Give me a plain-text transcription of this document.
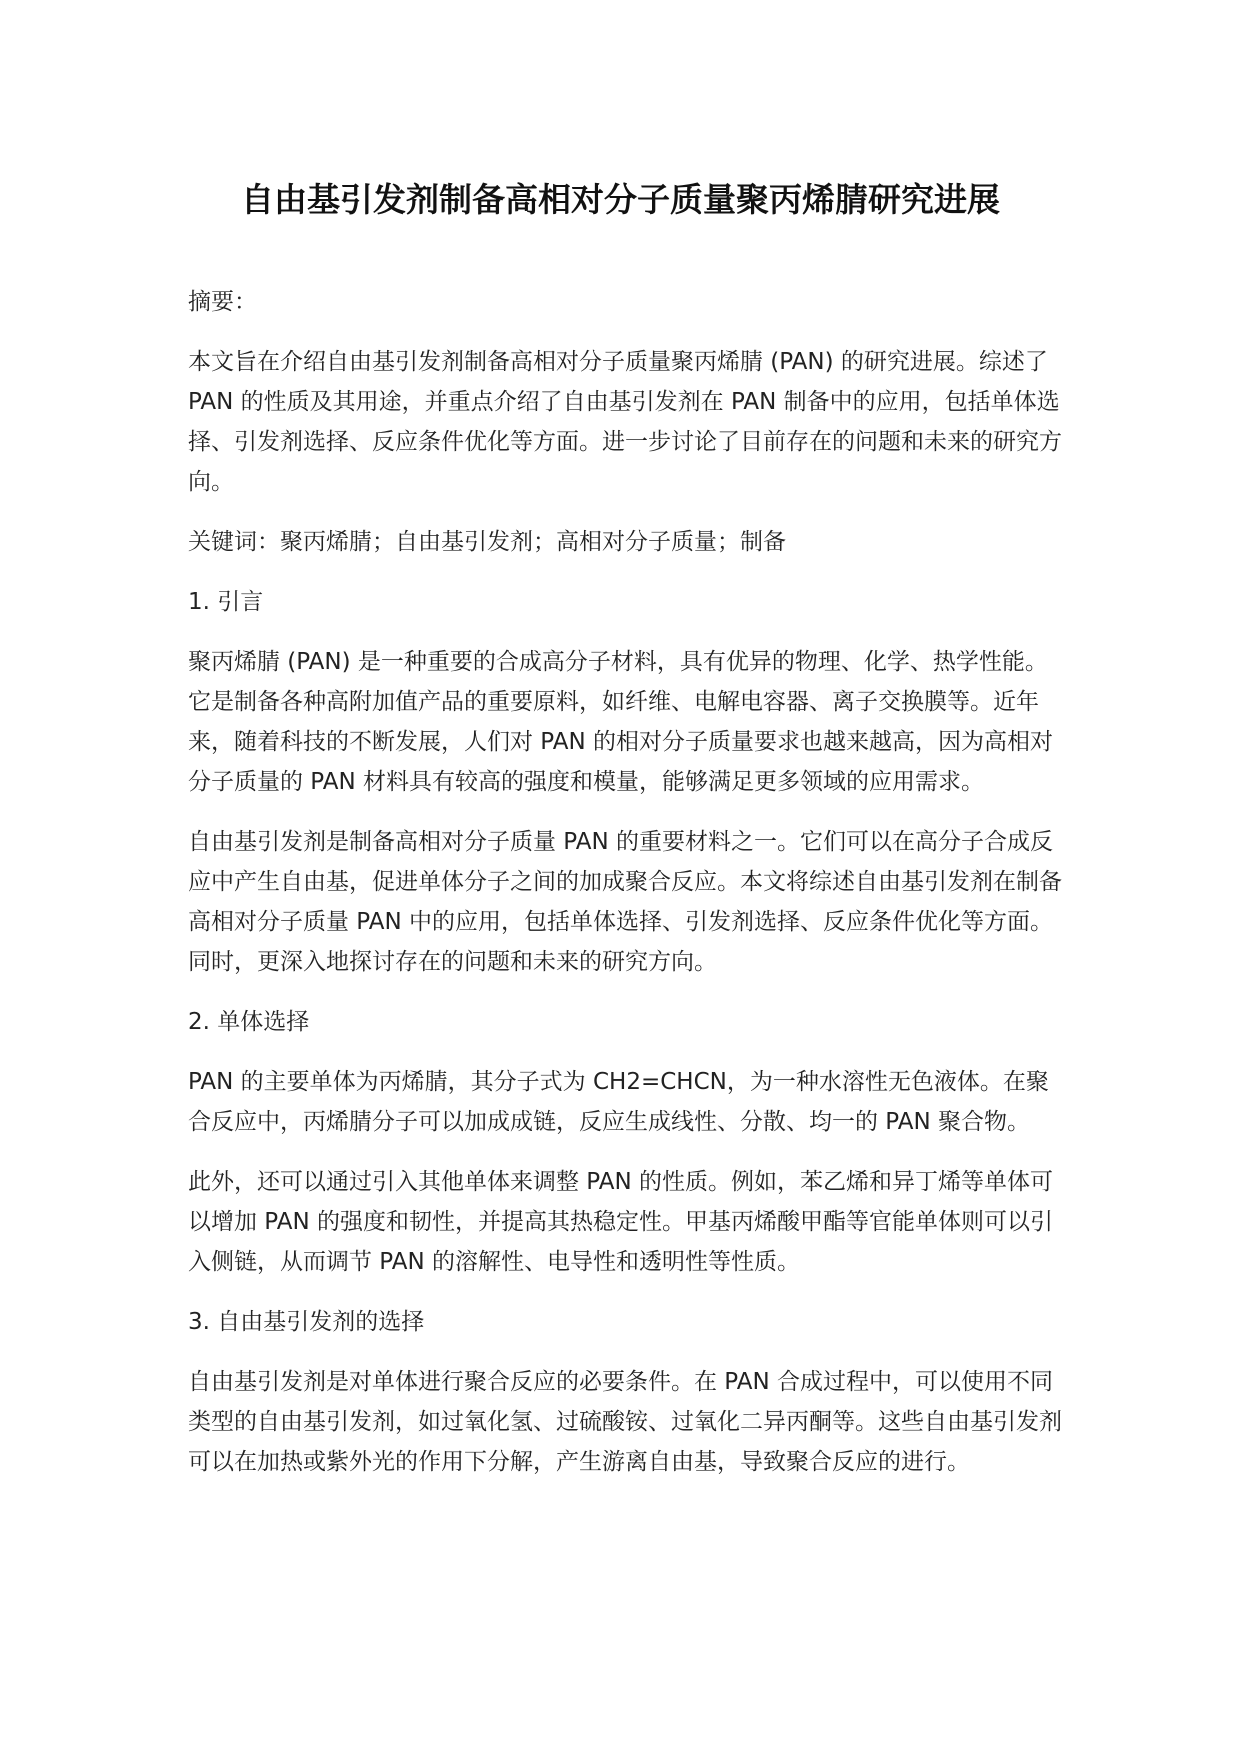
自由基引发剂制备高相对分子质量聚丙烯腈研究进展

摘要：

本文旨在介绍自由基引发剂制备高相对分子质量聚丙烯腈 (PAN) 的研究进展。综述了 PAN 的性质及其用途，并重点介绍了自由基引发剂在 PAN 制备中的应用，包括单体选择、引发剂选择、反应条件优化等方面。进一步讨论了目前存在的问题和未来的研究方向。

关键词：聚丙烯腈；自由基引发剂；高相对分子质量；制备

1. 引言

聚丙烯腈 (PAN) 是一种重要的合成高分子材料，具有优异的物理、化学、热学性能。它是制备各种高附加值产品的重要原料，如纤维、电解电容器、离子交换膜等。近年来，随着科技的不断发展，人们对 PAN 的相对分子质量要求也越来越高，因为高相对分子质量的 PAN 材料具有较高的强度和模量，能够满足更多领域的应用需求。

自由基引发剂是制备高相对分子质量 PAN 的重要材料之一。它们可以在高分子合成反应中产生自由基，促进单体分子之间的加成聚合反应。本文将综述自由基引发剂在制备高相对分子质量 PAN 中的应用，包括单体选择、引发剂选择、反应条件优化等方面。同时，更深入地探讨存在的问题和未来的研究方向。

2. 单体选择

PAN 的主要单体为丙烯腈，其分子式为 CH2=CHCN，为一种水溶性无色液体。在聚合反应中，丙烯腈分子可以加成成链，反应生成线性、分散、均一的 PAN 聚合物。

此外，还可以通过引入其他单体来调整 PAN 的性质。例如，苯乙烯和异丁烯等单体可以增加 PAN 的强度和韧性，并提高其热稳定性。甲基丙烯酸甲酯等官能单体则可以引入侧链，从而调节 PAN 的溶解性、电导性和透明性等性质。

3. 自由基引发剂的选择

自由基引发剂是对单体进行聚合反应的必要条件。在 PAN 合成过程中，可以使用不同类型的自由基引发剂，如过氧化氢、过硫酸铵、过氧化二异丙酮等。这些自由基引发剂可以在加热或紫外光的作用下分解，产生游离自由基，导致聚合反应的进行。
